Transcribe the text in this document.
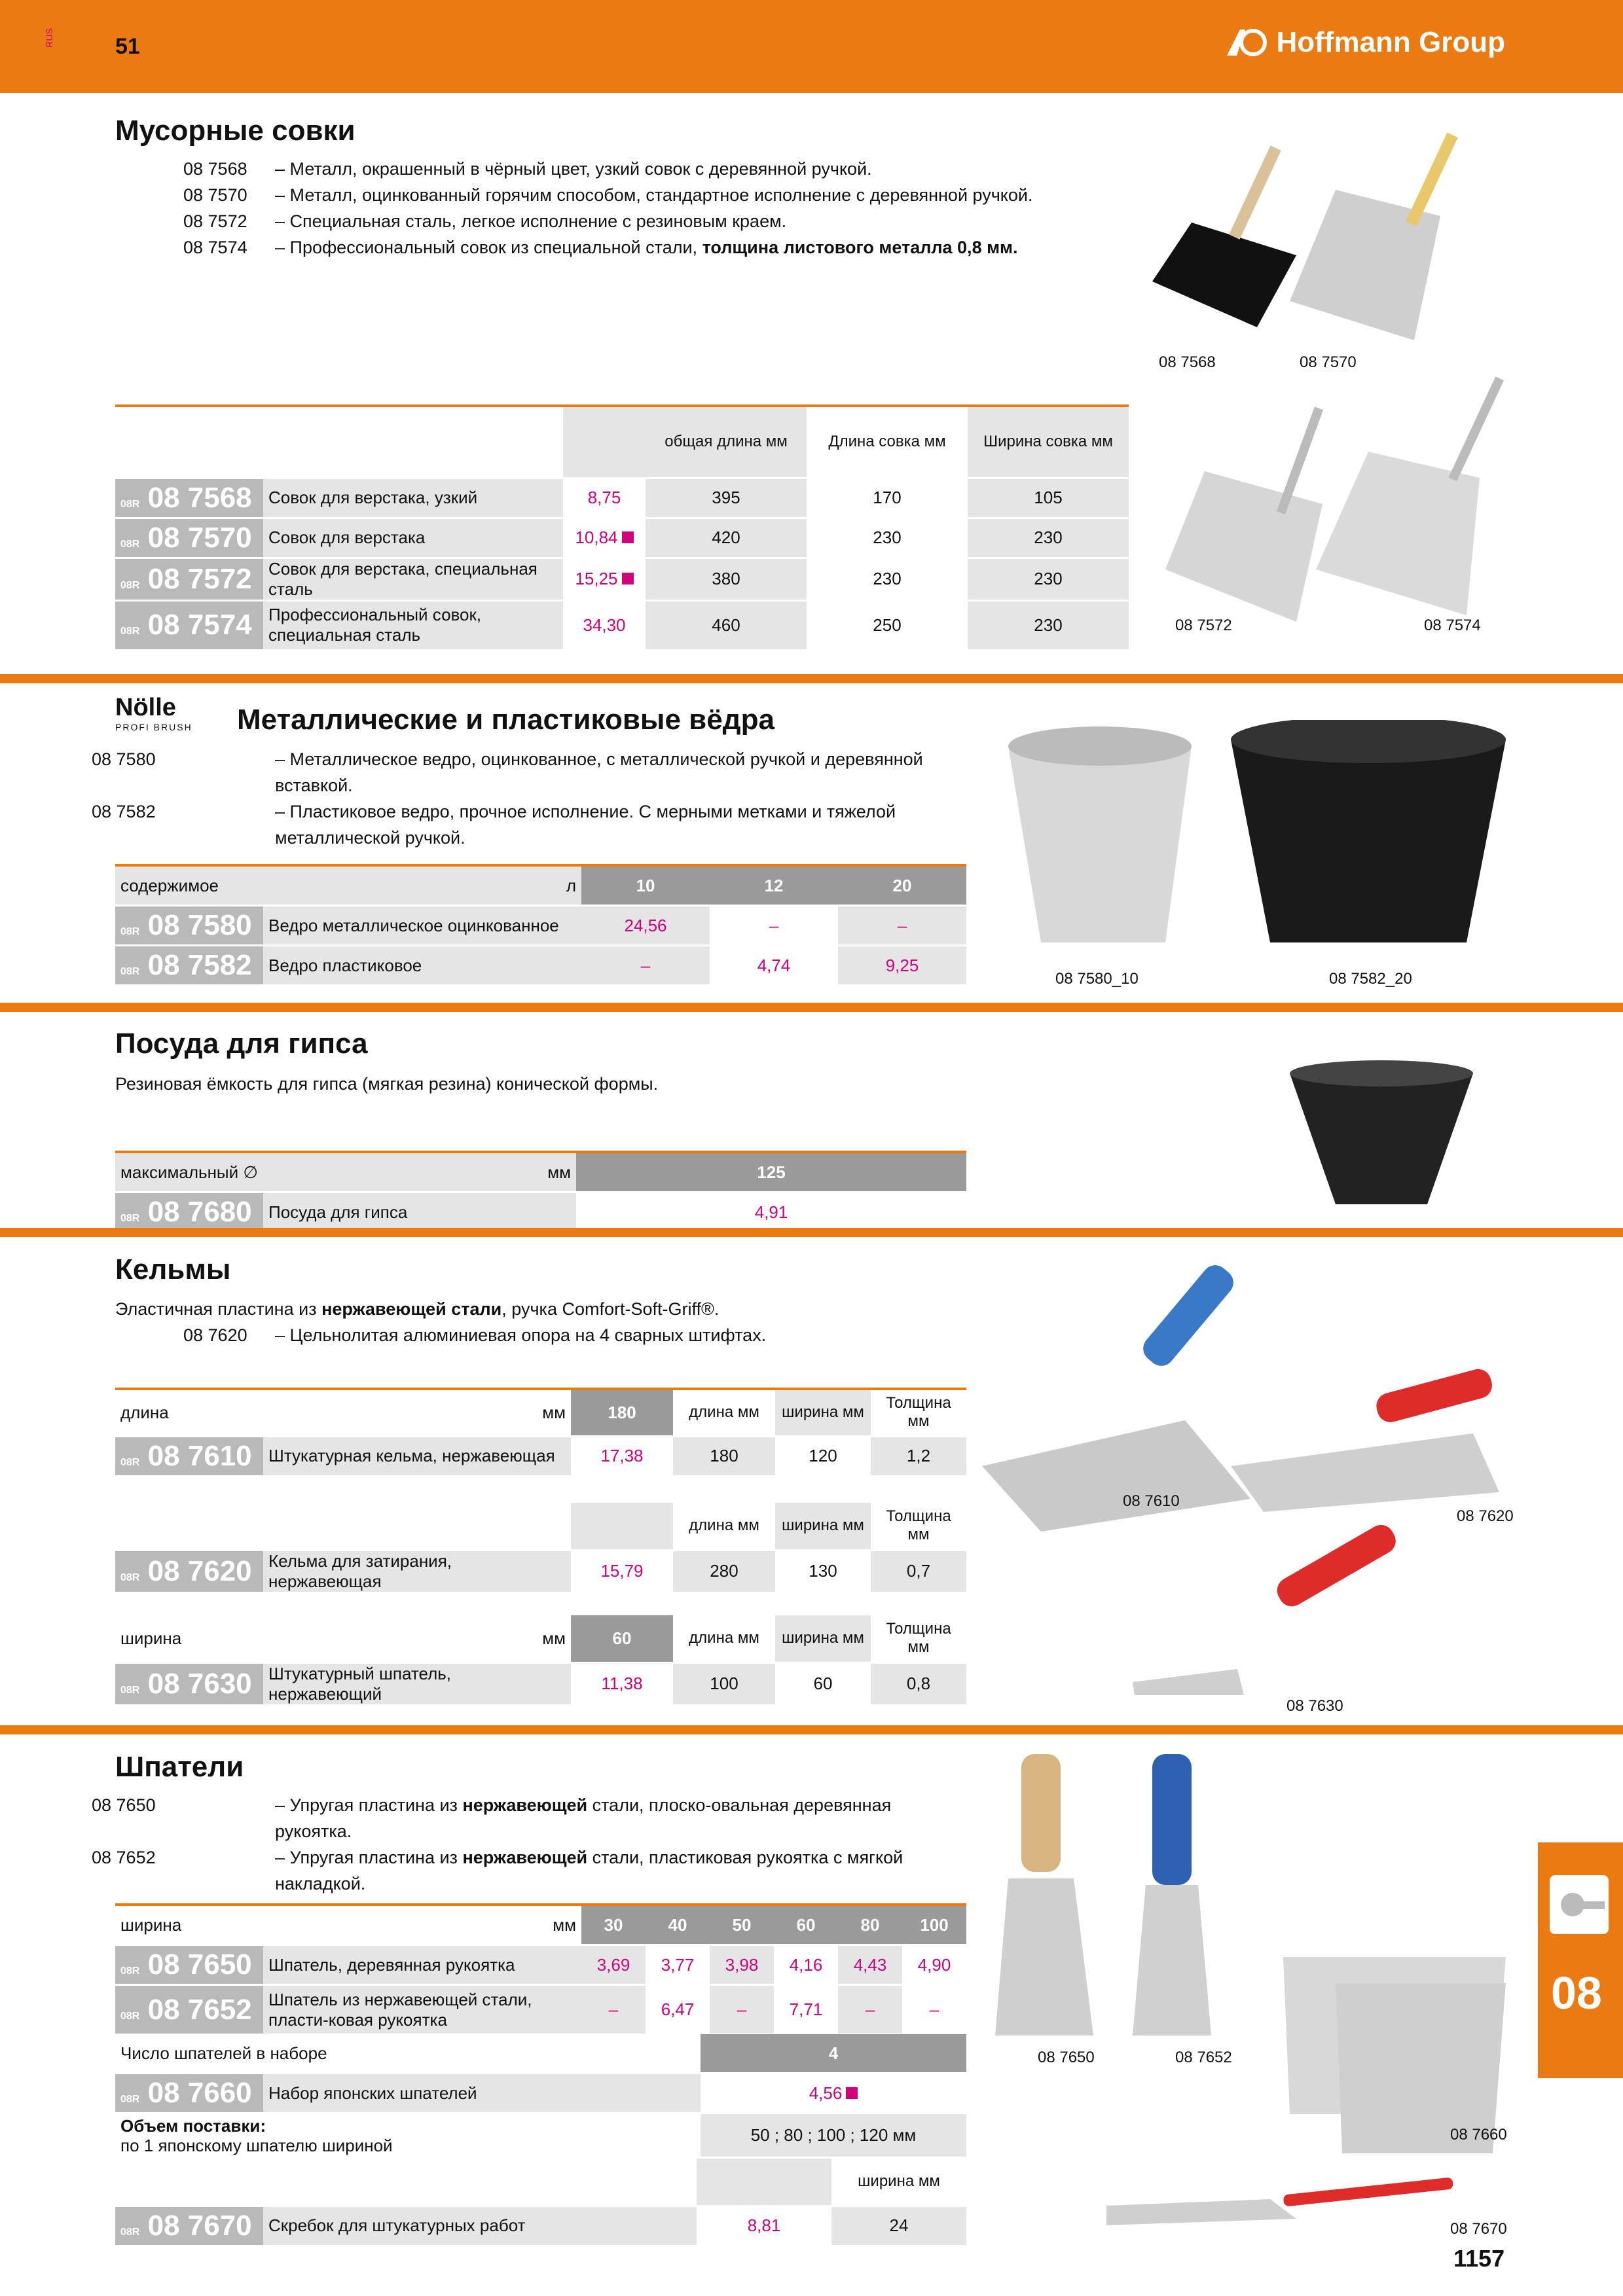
RUS	51	Hoffmann Group
Мусорные совки
08 7568 – Металл, окрашенный в чёрный цвет, узкий совок с деревянной ручкой.
08 7570 – Металл, оцинкованный горячим способом, стандартное исполнение с деревянной ручкой.
08 7572 – Специальная сталь, легкое исполнение с резиновым краем.
08 7574 – Профессиональный совок из специальной стали, толщина листового металла 0,8 мм.
			общая длина мм	Длина совка мм	Ширина совка мм
08R 08 7568	Совок для верстака, узкий	8,75	395	170	105
08R 08 7570	Совок для верстака	10,84	420	230	230
08R 08 7572	Совок для верстака, специальная сталь	15,25	380	230	230
08R 08 7574	Профессиональный совок, специальная сталь	34,30	460	250	230
08 7568	08 7570
08 7572	08 7574
Nölle
PROFI BRUSH Металлические и пластиковые вёдра
08 7580	– Металлическое ведро, оцинкованное, с металлической ручкой и деревянной вставкой.
08 7582	– Пластиковое ведро, прочное исполнение. С мерными метками и тяжелой металлической ручкой.
содержимое л		10	12	20
08R 08 7580	Ведро металлическое оцинкованное	24,56	–	–
08R 08 7582	Ведро пластиковое	–	4,74	9,25
08 7580_10	08 7582_20
Посуда для гипса
Резиновая ёмкость для гипса (мягкая резина) конической формы.
максимальный ∅ мм		125
08R 08 7680	Посуда для гипса	4,91
Кельмы
Эластичная пластина из нержавеющей стали, ручка Comfort-Soft-Griff®.
08 7620 – Цельнолитая алюминиевая опора на 4 сварных штифтах.
длина мм		180	длина мм	ширина мм	Толщина мм
08R 08 7610	Штукатурная кельма, нержавеющая	17,38	180	120	1,2
			длина мм	ширина мм	Толщина мм
08R 08 7620	Кельма для затирания, нержавеющая	15,79	280	130	0,7
ширина мм		60	длина мм	ширина мм	Толщина мм
08R 08 7630	Штукатурный шпатель, нержавеющий	11,38	100	60	0,8
08 7610
08 7620
08 7630
Шпатели
08 7650	– Упругая пластина из нержавеющей стали, плоско-овальная деревянная рукоятка.
08 7652	– Упругая пластина из нержавеющей стали, пластиковая рукоятка с мягкой накладкой.
ширина мм		30	40	50	60	80	100
08R 08 7650	Шпатель, деревянная рукоятка	3,69	3,77	3,98	4,16	4,43	4,90
08R 08 7652	Шпатель из нержавеющей стали, пласти-ковая рукоятка	–	6,47	–	7,71	–	–
Число шпателей в наборе		4
08R 08 7660	Набор японских шпателей	4,56
Объем поставки:
по 1 японскому шпателю шириной		50 ; 80 ; 100 ; 120 мм
			ширина мм
08R 08 7670	Скребок для штукатурных работ	8,81	24
08 7650	08 7652
08 7660
08 7670
08
1157
